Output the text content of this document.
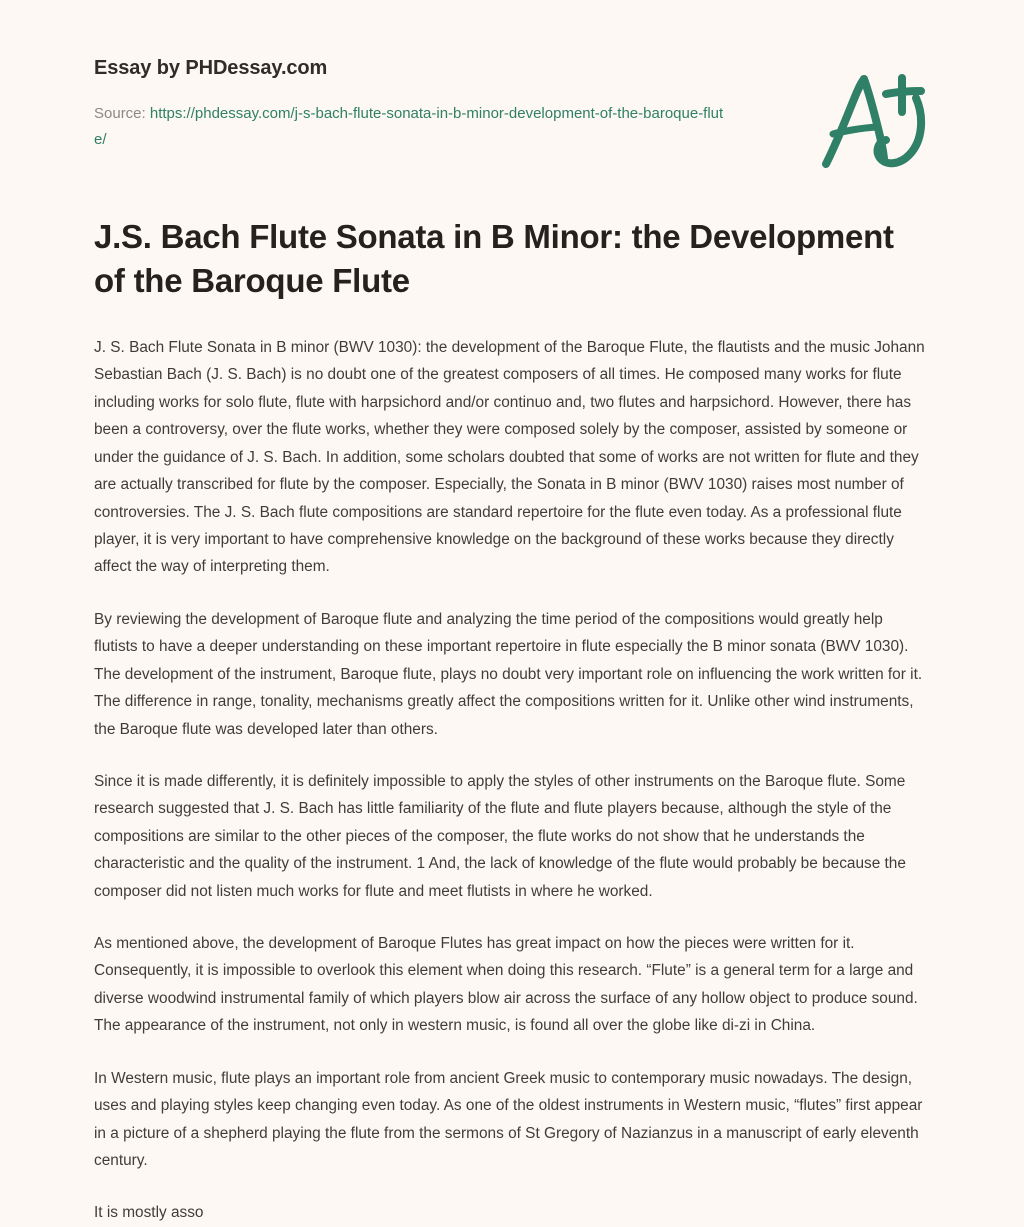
Essay by PHDessay.com
Source: https://phdessay.com/j-s-bach-flute-sonata-in-b-minor-development-of-the-baroque-flute/
J.S. Bach Flute Sonata in B Minor: the Development of the Baroque Flute

J. S. Bach Flute Sonata in B minor (BWV 1030): the development of the Baroque Flute, the flautists and the music Johann Sebastian Bach (J. S. Bach) is no doubt one of the greatest composers of all times. He composed many works for flute including works for solo flute, flute with harpsichord and/or continuo and, two flutes and harpsichord. However, there has been a controversy, over the flute works, whether they were composed solely by the composer, assisted by someone or under the guidance of J. S. Bach. In addition, some scholars doubted that some of works are not written for flute and they are actually transcribed for flute by the composer. Especially, the Sonata in B minor (BWV 1030) raises most number of controversies. The J. S. Bach flute compositions are standard repertoire for the flute even today. As a professional flute player, it is very important to have comprehensive knowledge on the background of these works because they directly affect the way of interpreting them.

By reviewing the development of Baroque flute and analyzing the time period of the compositions would greatly help flutists to have a deeper understanding on these important repertoire in flute especially the B minor sonata (BWV 1030). The development of the instrument, Baroque flute, plays no doubt very important role on influencing the work written for it. The difference in range, tonality, mechanisms greatly affect the compositions written for it. Unlike other wind instruments, the Baroque flute was developed later than others.

Since it is made differently, it is definitely impossible to apply the styles of other instruments on the Baroque flute. Some research suggested that J. S. Bach has little familiarity of the flute and flute players because, although the style of the compositions are similar to the other pieces of the composer, the flute works do not show that he understands the characteristic and the quality of the instrument. 1 And, the lack of knowledge of the flute would probably be because the composer did not listen much works for flute and meet flutists in where he worked.

As mentioned above, the development of Baroque Flutes has great impact on how the pieces were written for it. Consequently, it is impossible to overlook this element when doing this research. “Flute” is a general term for a large and diverse woodwind instrumental family of which players blow air across the surface of any hollow object to produce sound. The appearance of the instrument, not only in western music, is found all over the globe like di-zi in China.

In Western music, flute plays an important role from ancient Greek music to contemporary music nowadays. The design, uses and playing styles keep changing even today. As one of the oldest instruments in Western music, “flutes” first appear in a picture of a shepherd playing the flute from the sermons of St Gregory of Nazianzus in a manuscript of early eleventh century.

It is mostly asso
